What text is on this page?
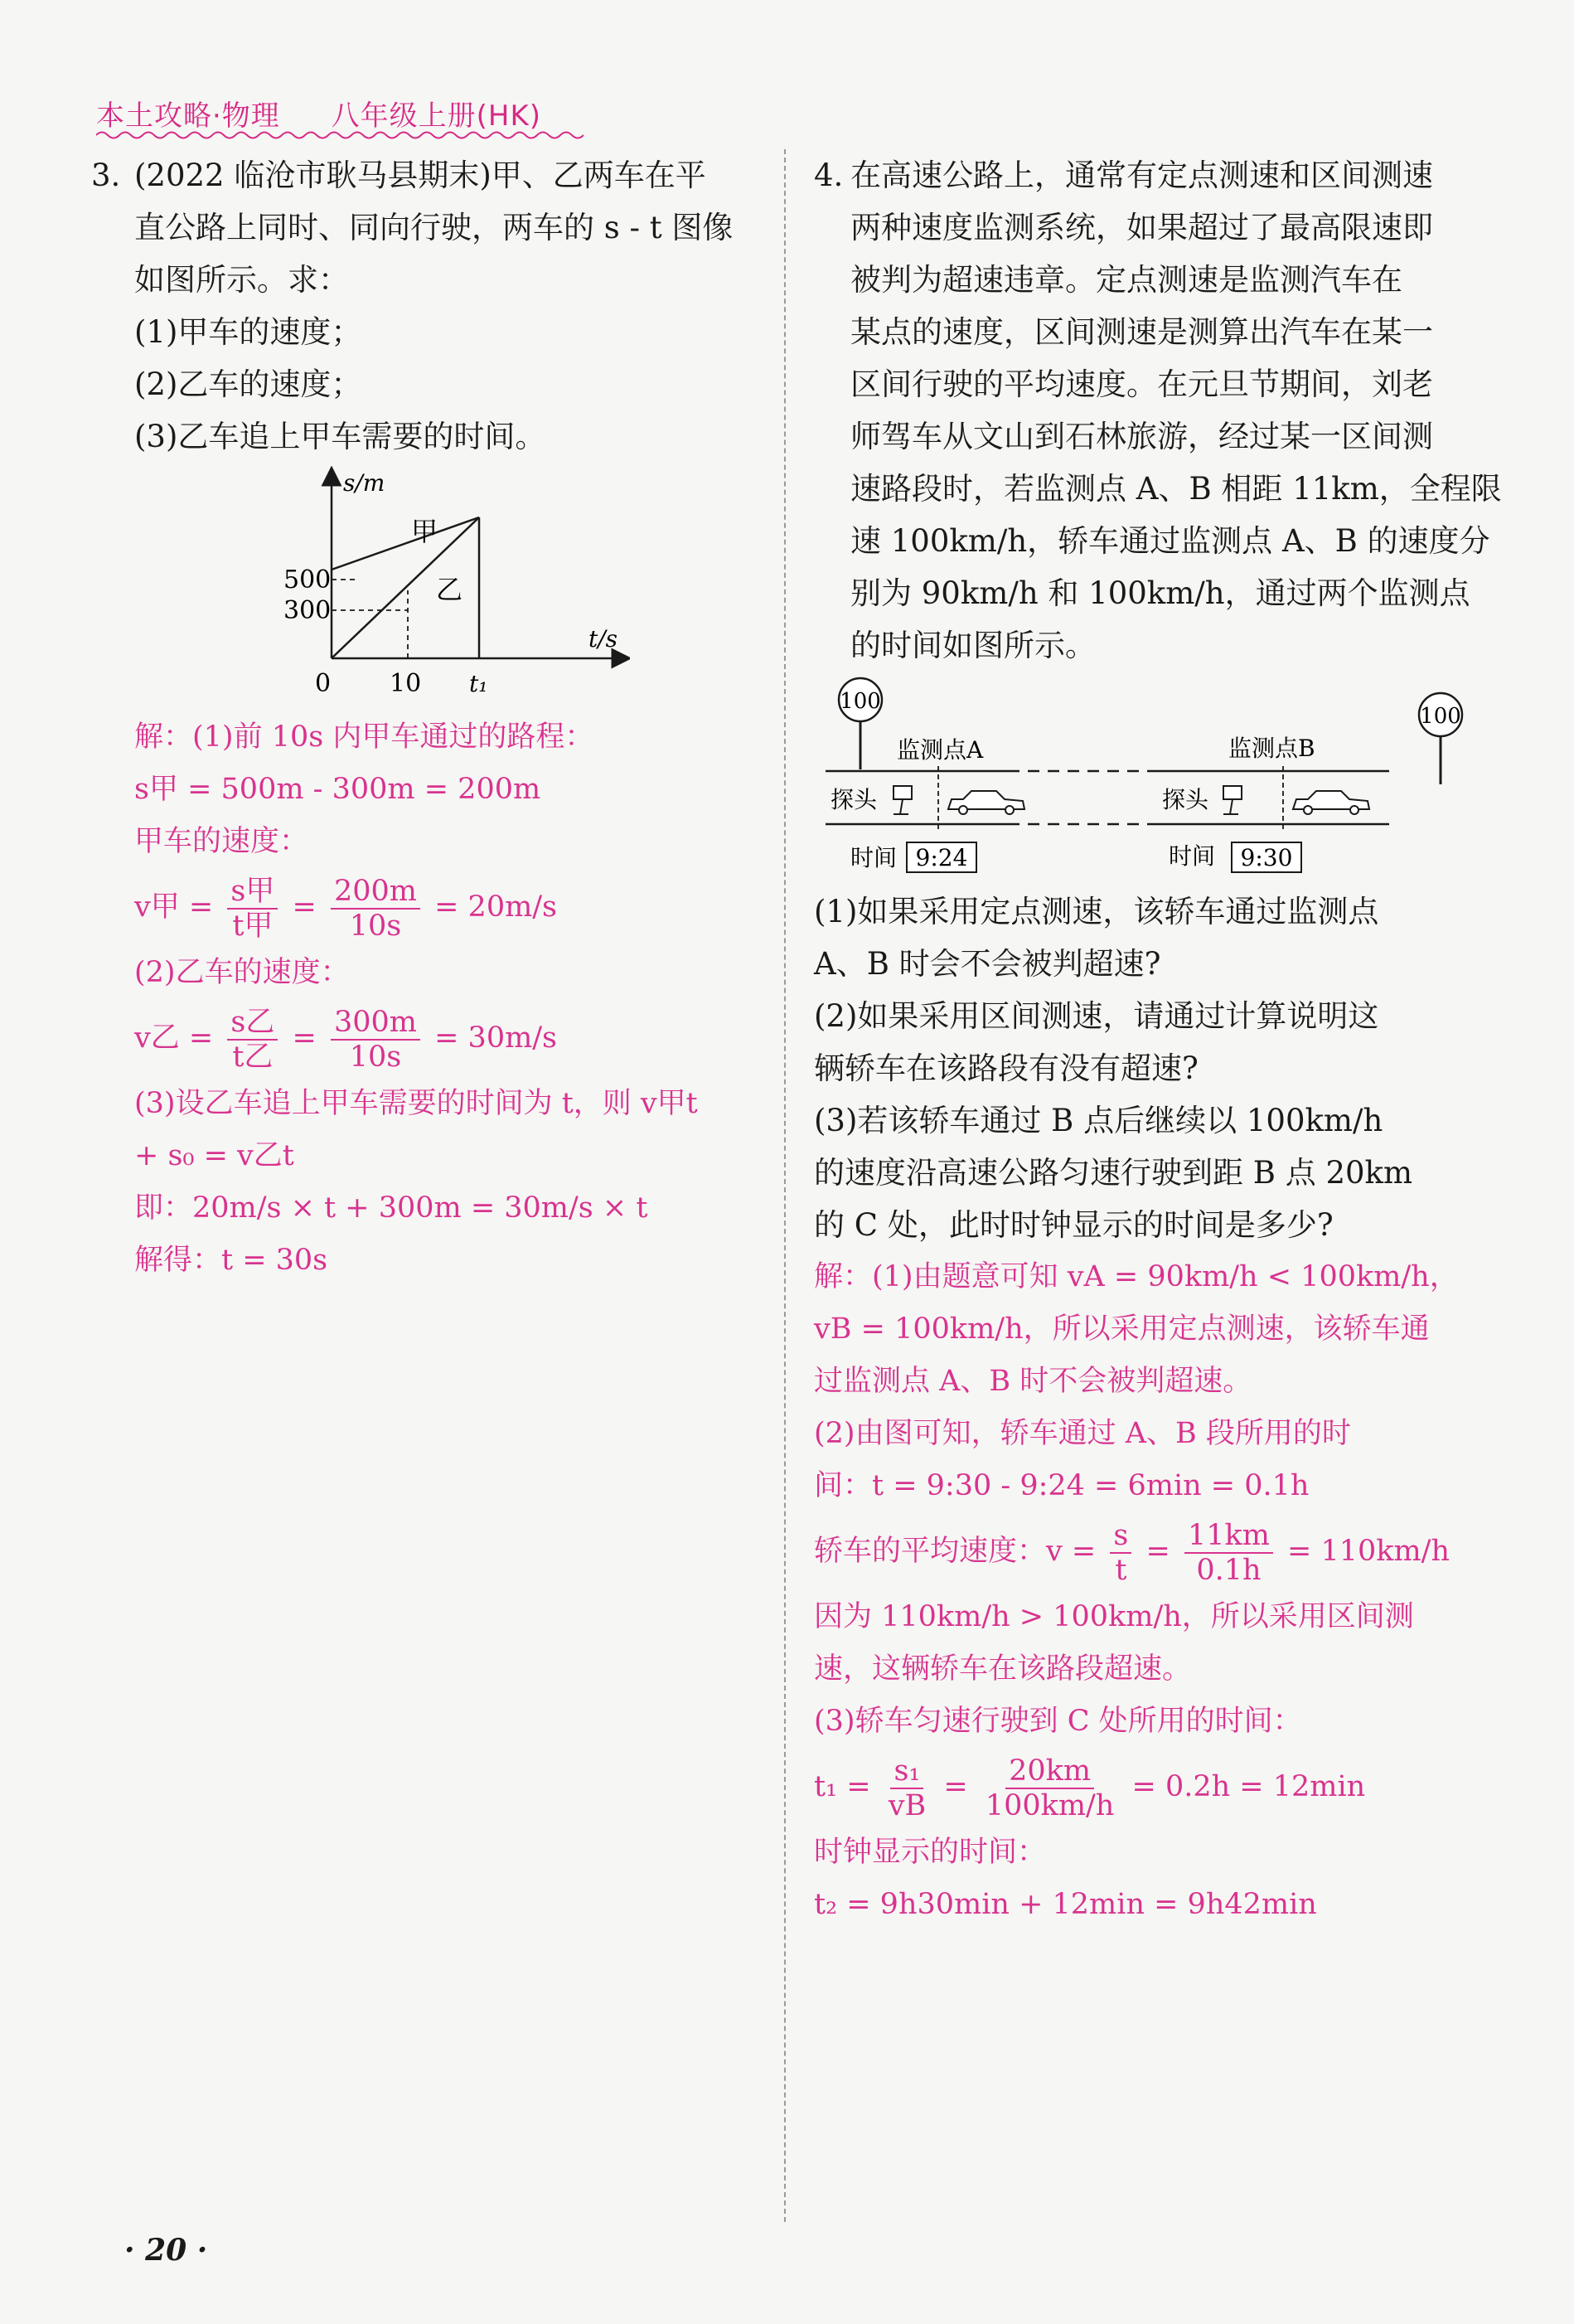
本土攻略·物理 八年级上册(HK)
3. (2022 临沧市耿马县期末)甲、乙两车在平
直公路上同时、同向行驶，两车的 s - t 图像
如图所示。求：
(1)甲车的速度；
(2)乙车的速度；
(3)乙车追上甲车需要的时间。
s/m
t/s
500
300
0 10 t₁
甲
乙
解：(1)前 10s 内甲车通过的路程：
s甲 = 500m - 300m = 200m
甲车的速度：
v甲 = $\frac{\text{s甲}}{\text{t甲}} = \frac{200m}{10s} = 20m/s$
(2)乙车的速度：
v乙 = $\frac{\text{s乙}}{\text{t乙}} = \frac{300m}{10s} = 30m/s$
(3)设乙车追上甲车需要的时间为 t，则 v甲t
+ s₀ = v乙t
即：20m/s × t + 300m = 30m/s × t
解得：t = 30s
4. 在高速公路上，通常有定点测速和区间测速
两种速度监测系统，如果超过了最高限速即
被判为超速违章。定点测速是监测汽车在
某点的速度，区间测速是测算出汽车在某一
区间行驶的平均速度。在元旦节期间，刘老
师驾车从文山到石林旅游，经过某一区间测
速路段时，若监测点 A、B 相距 11km，全程限
速 100km/h，轿车通过监测点 A、B 的速度分
别为 90km/h 和 100km/h，通过两个监测点
的时间如图所示。
100
100
监测点A	监测点B
探头	探头
时间 9:24	时间 9:30
(1)如果采用定点测速，该轿车通过监测点
A、B 时会不会被判超速?
(2)如果采用区间测速，请通过计算说明这
辆轿车在该路段有没有超速?
(3)若该轿车通过 B 点后继续以 100km/h
的速度沿高速公路匀速行驶到距 B 点 20km
的 C 处，此时时钟显示的时间是多少?
解：(1)由题意可知 vA = 90km/h < 100km/h，
vB = 100km/h，所以采用定点测速，该轿车通
过监测点 A、B 时不会被判超速。
(2)由图可知，轿车通过 A、B 段所用的时
间：t = 9:30 - 9:24 = 6min = 0.1h
轿车的平均速度：$v = \frac{s}{t} = \frac{11km}{0.1h} = 110km/h$
因为 110km/h > 100km/h，所以采用区间测
速，这辆轿车在该路段超速。
(3)轿车匀速行驶到 C 处所用的时间：
$t_1 = \frac{\text{s₁}}{vB} = \frac{20km}{100km/h} = 0.2h = 12\min$
时钟显示的时间：
t₂ = 9h30min + 12min = 9h42min
· 20 ·
